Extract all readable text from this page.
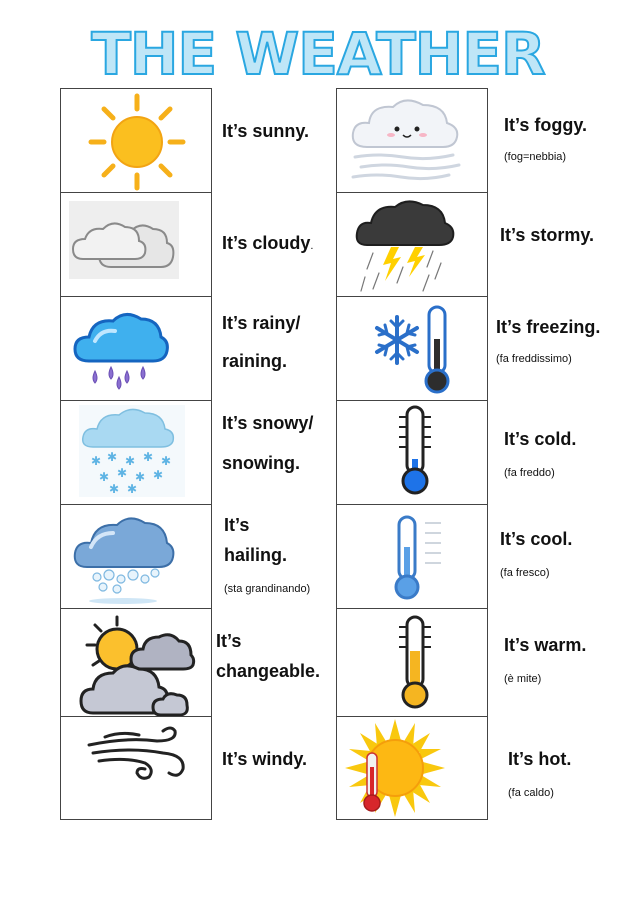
THE WEATHER
It’s sunny.
It’s cloudy.
It’s rainy/
raining.
✱ ✱ ✱ ✱ ✱
✱ ✱ ✱ ✱
✱ ✱
It’s snowy/
snowing.
It’s
hailing.
(sta grandinando)
It’s
changeable.
It’s windy.
It’s foggy.
(fog=nebbia)
It’s stormy.
It’s freezing.
(fa freddissimo)
It’s cold.
(fa freddo)
It’s cool.
(fa fresco)
It’s warm.
(è mite)
It’s hot.
(fa caldo)
